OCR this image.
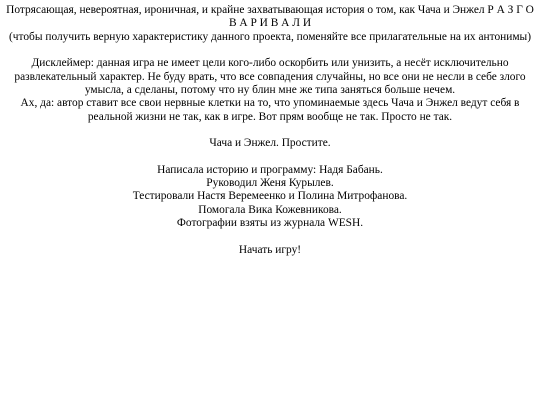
Потрясающая, невероятная, ироничная, и крайне захватывающая история о том, как Чача и Энжел Р А З Г О В А Р И В А Л И
(чтобы получить верную характеристику данного проекта, поменяйте все прилагательные на их антонимы)

Дисклеймер: данная игра не имеет цели кого-либо оскорбить или унизить, а несёт исключительно развлекательный характер. Не буду врать, что все совпадения случайны, но все они не несли в себе злого умысла, а сделаны, потому что ну блин мне же типа заняться больше нечем.
Ах, да: автор ставит все свои нервные клетки на то, что упоминаемые здесь Чача и Энжел ведут себя в реальной жизни не так, как в игре. Вот прям вообще не так. Просто не так.

Чача и Энжел. Простите.

Написала историю и программу: Надя Бабань.
Руководил Женя Курылев.
Тестировали Настя Веремеенко и Полина Митрофанова.
Помогала Вика Кожевникова.
Фотографии взяты из журнала WESH.

Начать игру!
